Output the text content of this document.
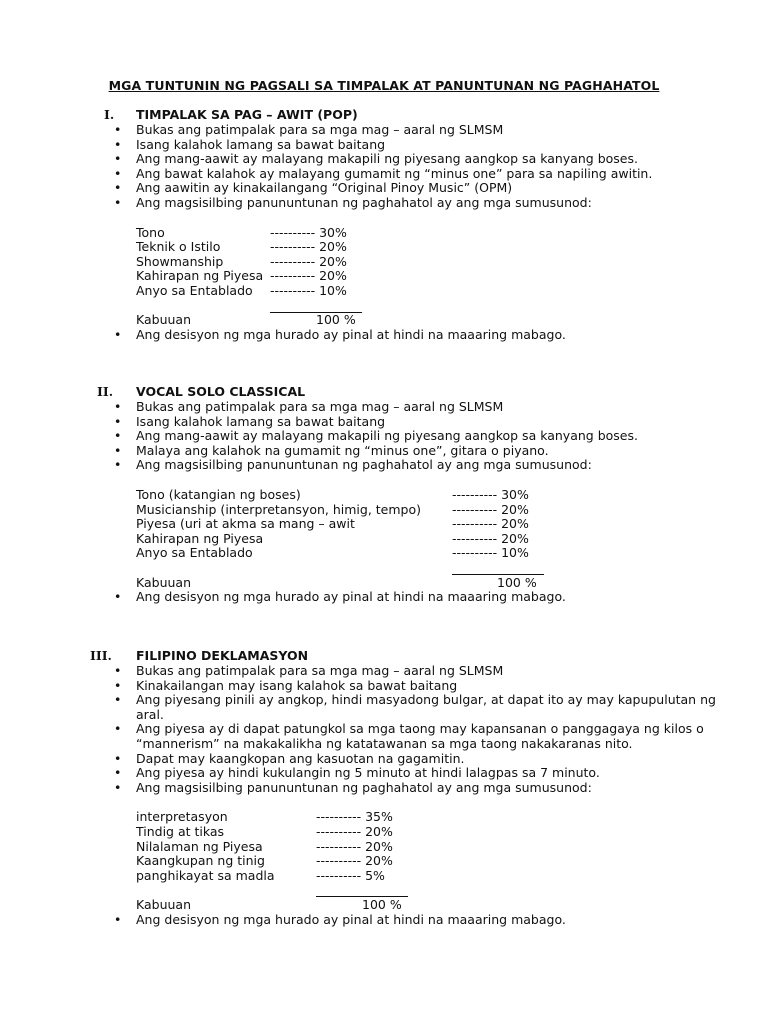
MGA TUNTUNIN NG PAGSALI SA TIMPALAK AT PANUNTUNAN NG PAGHAHATOL
I. TIMPALAK SA PAG – AWIT (POP)
• Bukas ang patimpalak para sa mga mag – aaral ng SLMSM
• Isang kalahok lamang sa bawat baitang
• Ang mang-aawit ay malayang makapili ng piyesang aangkop sa kanyang boses.
• Ang bawat kalahok ay malayang gumamit ng “minus one” para sa napiling awitin.
• Ang aawitin ay kinakailangang “Original Pinoy Music” (OPM)
• Ang magsisilbing panununtunan ng paghahatol ay ang mga sumusunod:
Tono	---------- 30%
Teknik o Istilo	---------- 20%
Showmanship	---------- 20%
Kahirapan ng Piyesa ---------- 20%
Anyo sa Entablado ---------- 10%
Kabuuan	100 %
• Ang desisyon ng mga hurado ay pinal at hindi na maaaring mabago.
II. VOCAL SOLO CLASSICAL
• Bukas ang patimpalak para sa mga mag – aaral ng SLMSM
• Isang kalahok lamang sa bawat baitang
• Ang mang-aawit ay malayang makapili ng piyesang aangkop sa kanyang boses.
• Malaya ang kalahok na gumamit ng “minus one”, gitara o piyano.
• Ang magsisilbing panununtunan ng paghahatol ay ang mga sumusunod:
Tono (katangian ng boses)	---------- 30%
Musicianship (interpretansyon, himig, tempo) ---------- 20%
Piyesa (uri at akma sa mang – awit	---------- 20%
Kahirapan ng Piyesa	---------- 20%
Anyo sa Entablado	---------- 10%
Kabuuan	100 %
• Ang desisyon ng mga hurado ay pinal at hindi na maaaring mabago.
III. FILIPINO DEKLAMASYON
• Bukas ang patimpalak para sa mga mag – aaral ng SLMSM
• Kinakailangan may isang kalahok sa bawat baitang
• Ang piyesang pinili ay angkop, hindi masyadong bulgar, at dapat ito ay may kapupulutan ng aral.
• Ang piyesa ay di dapat patungkol sa mga taong may kapansanan o panggagaya ng kilos o “mannerism” na makakalikha ng katatawanan sa mga taong nakakaranas nito.
• Dapat may kaangkopan ang kasuotan na gagamitin.
• Ang piyesa ay hindi kukulangin ng 5 minuto at hindi lalagpas sa 7 minuto.
• Ang magsisilbing panununtunan ng paghahatol ay ang mga sumusunod:
interpretasyon	---------- 35%
Tindig at tikas	---------- 20%
Nilalaman ng Piyesa	---------- 20%
Kaangkupan ng tinig	---------- 20%
panghikayat sa madla	---------- 5%
Kabuuan	100 %
• Ang desisyon ng mga hurado ay pinal at hindi na maaaring mabago.
